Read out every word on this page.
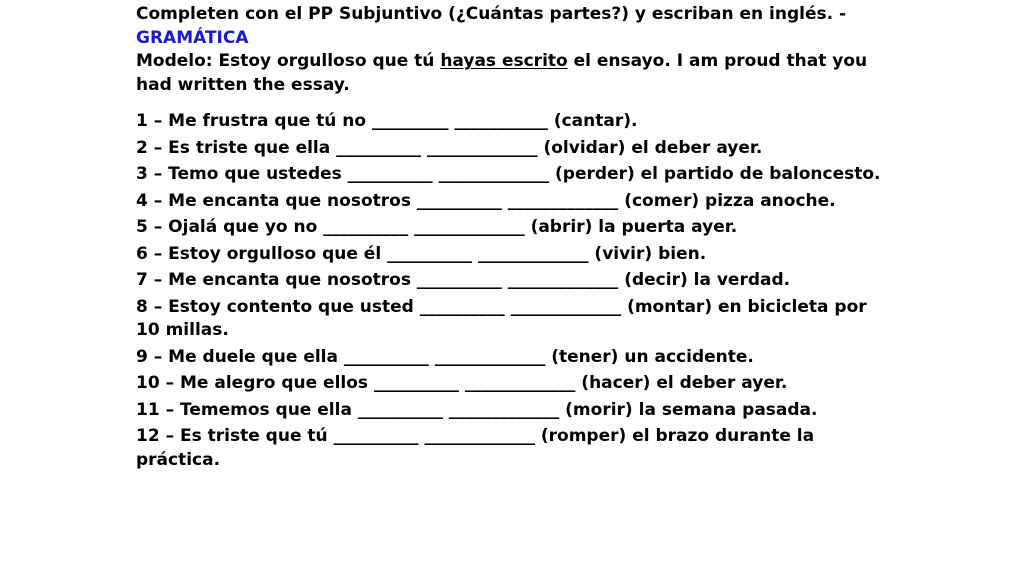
Completen con el PP Subjuntivo (¿Cuántas partes?) y escriban en inglés. - GRAMÁTICA

Modelo: Estoy orgulloso que tú hayas escrito el ensayo. I am proud that you had written the essay.

1 – Me frustra que tú no _________ ___________ (cantar).

2 – Es triste que ella __________ _____________ (olvidar) el deber ayer.

3 – Temo que ustedes __________ _____________ (perder) el partido de baloncesto.

4 – Me encanta que nosotros __________ _____________ (comer) pizza anoche.

5 – Ojalá que yo no __________ _____________ (abrir) la puerta ayer.

6 – Estoy orgulloso que él __________ _____________ (vivir) bien.

7 – Me encanta que nosotros __________ _____________ (decir) la verdad.

8 – Estoy contento que usted __________ _____________ (montar) en bicicleta por 10 millas.

9 – Me duele que ella __________ _____________ (tener) un accidente.

10 – Me alegro que ellos __________ _____________ (hacer) el deber ayer.

11 – Tememos que ella __________ _____________ (morir) la semana pasada.

12 – Es triste que tú __________ _____________ (romper) el brazo durante la práctica.
